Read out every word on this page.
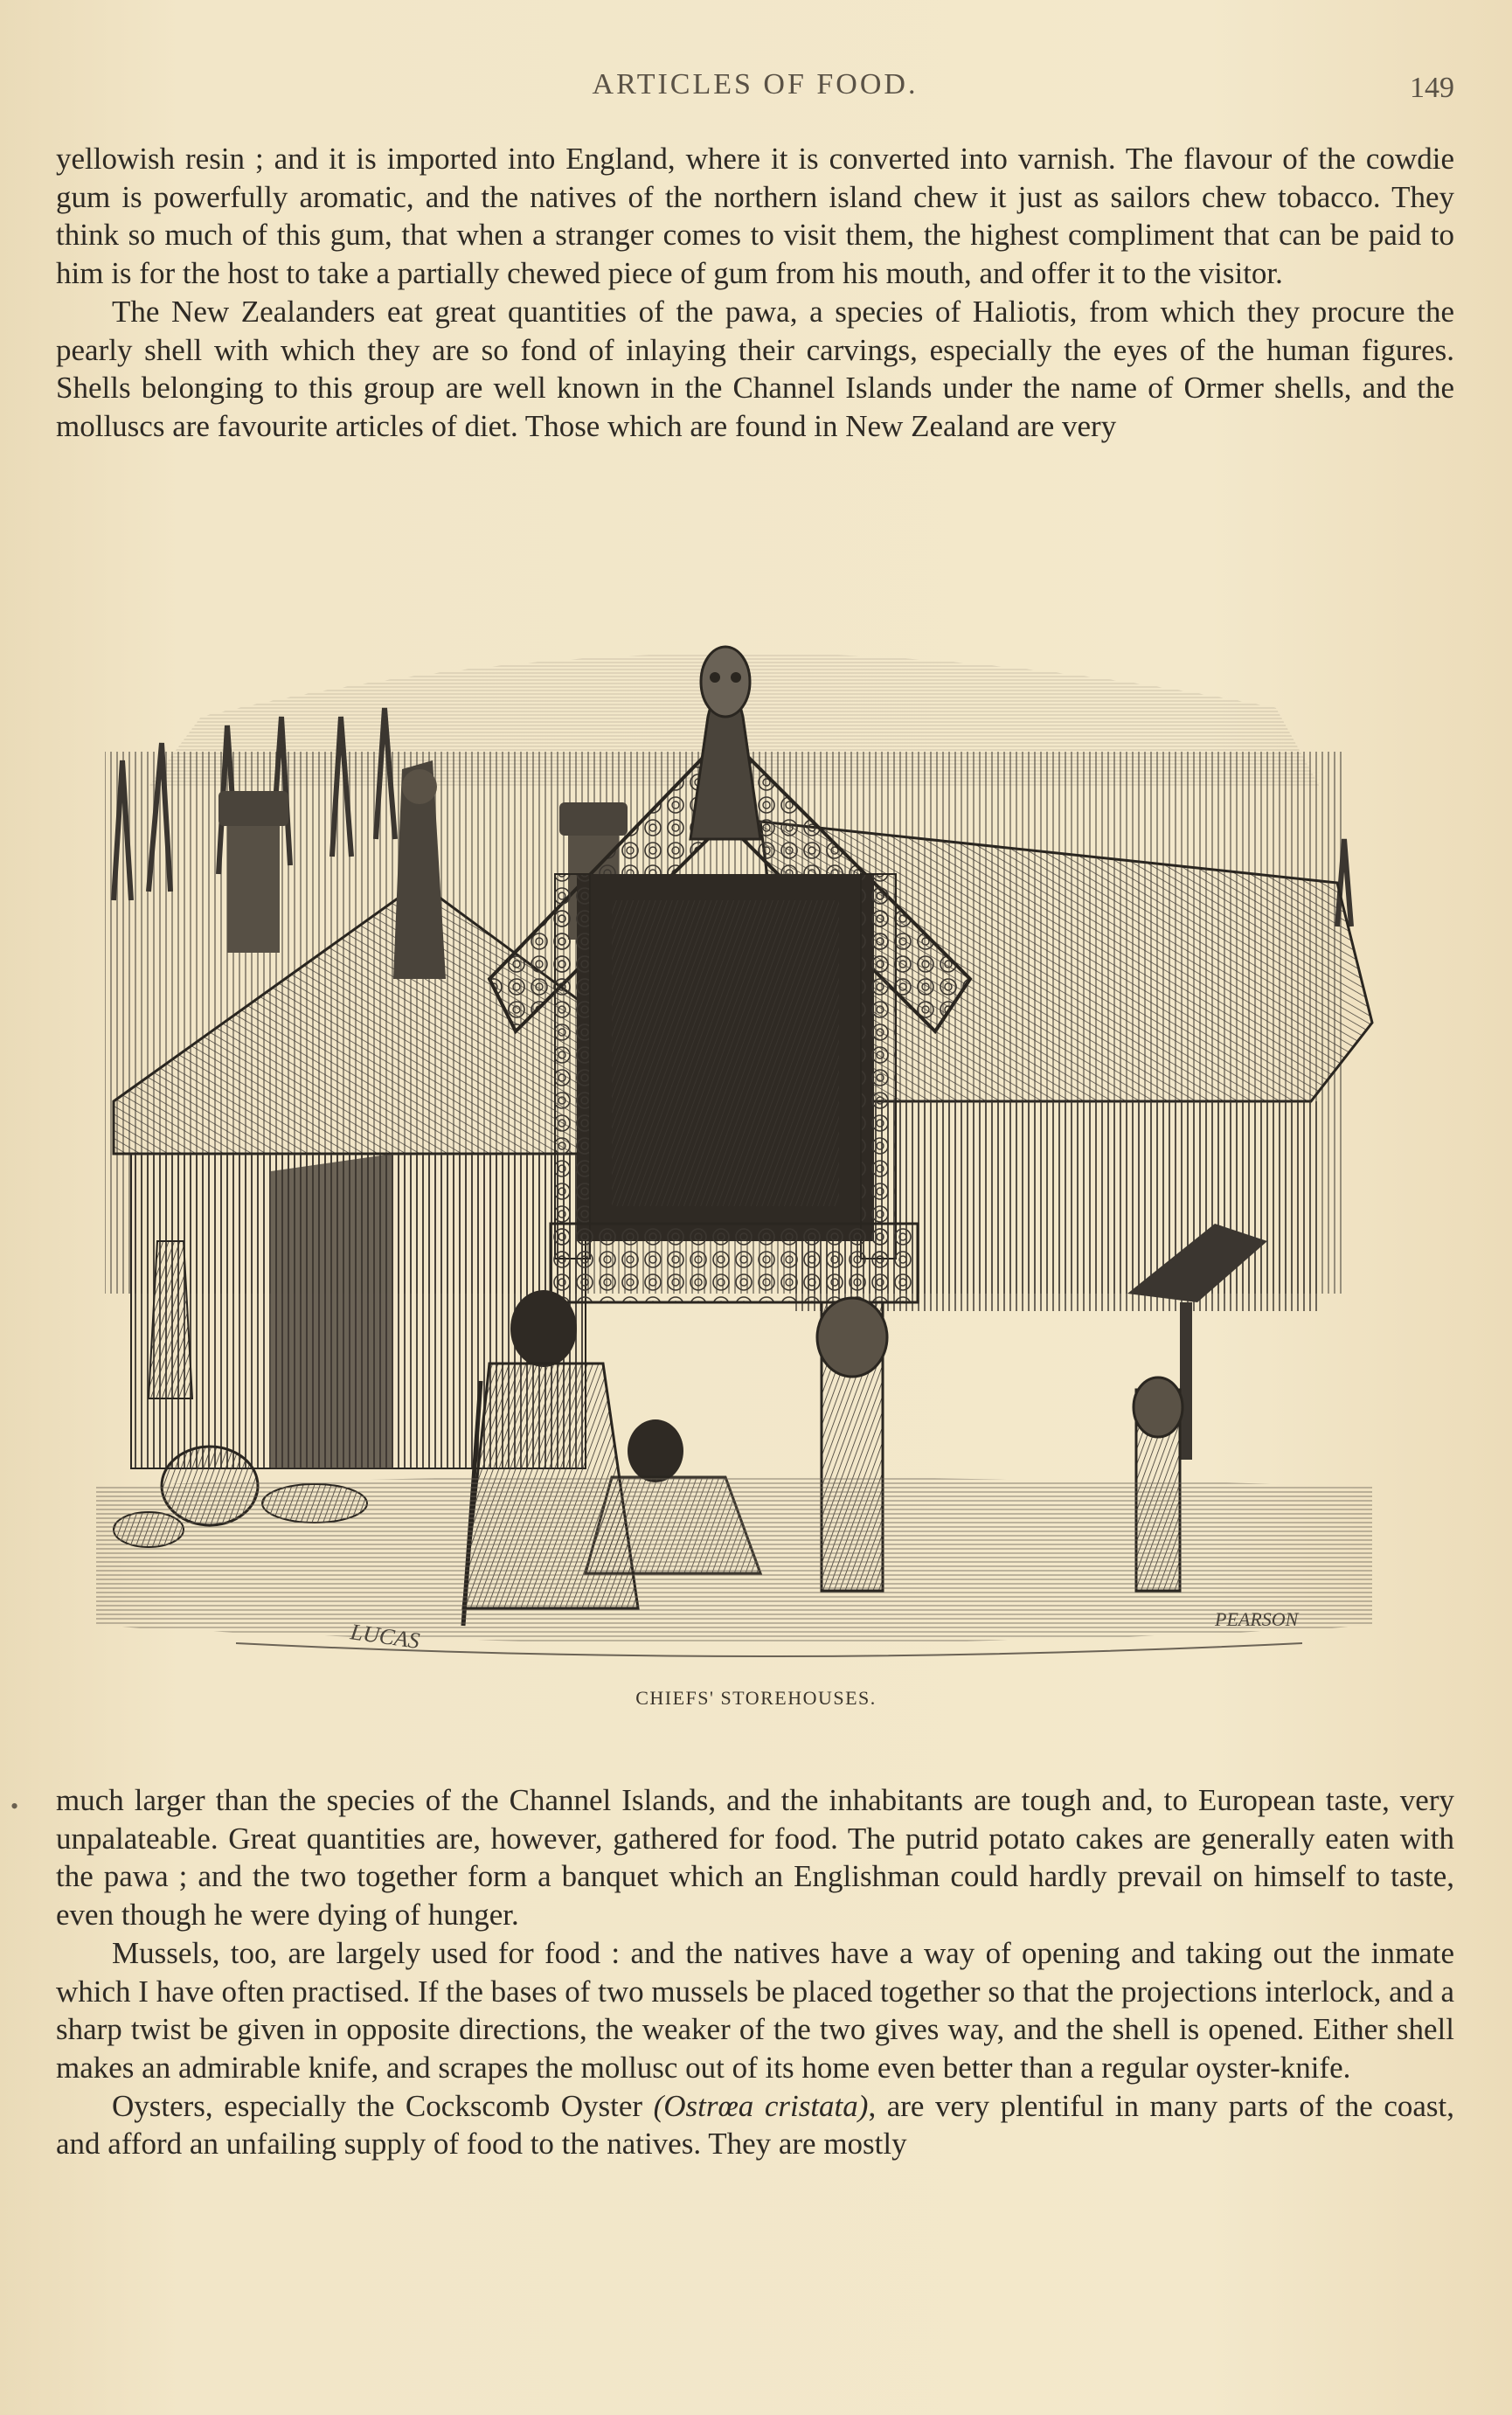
ARTICLES OF FOOD.	149

yellowish resin ; and it is imported into England, where it is converted into varnish. The flavour of the cowdie gum is powerfully aromatic, and the natives of the northern island chew it just as sailors chew tobacco. They think so much of this gum, that when a stranger comes to visit them, the highest compliment that can be paid to him is for the host to take a partially chewed piece of gum from his mouth, and offer it to the visitor.

The New Zealanders eat great quantities of the pawa, a species of Haliotis, from which they procure the pearly shell with which they are so fond of inlaying their carvings, especially the eyes of the human figures. Shells belonging to this group are well known in the Channel Islands under the name of Ormer shells, and the molluscs are favourite articles of diet. Those which are found in New Zealand are very

LUCAS	PEARSON
CHIEFS' STOREHOUSES.
• much larger than the species of the Channel Islands, and the inhabitants are tough and, to European taste, very unpalateable. Great quantities are, however, gathered for food. The putrid potato cakes are generally eaten with the pawa ; and the two together form a banquet which an Englishman could hardly prevail on himself to taste, even though he were dying of hunger.

Mussels, too, are largely used for food : and the natives have a way of opening and taking out the inmate which I have often practised. If the bases of two mussels be placed together so that the projections interlock, and a sharp twist be given in opposite directions, the weaker of the two gives way, and the shell is opened. Either shell makes an admirable knife, and scrapes the mollusc out of its home even better than a regular oyster-knife.

Oysters, especially the Cockscomb Oyster (Ostrœa cristata), are very plentiful in many parts of the coast, and afford an unfailing supply of food to the natives. They are mostly
